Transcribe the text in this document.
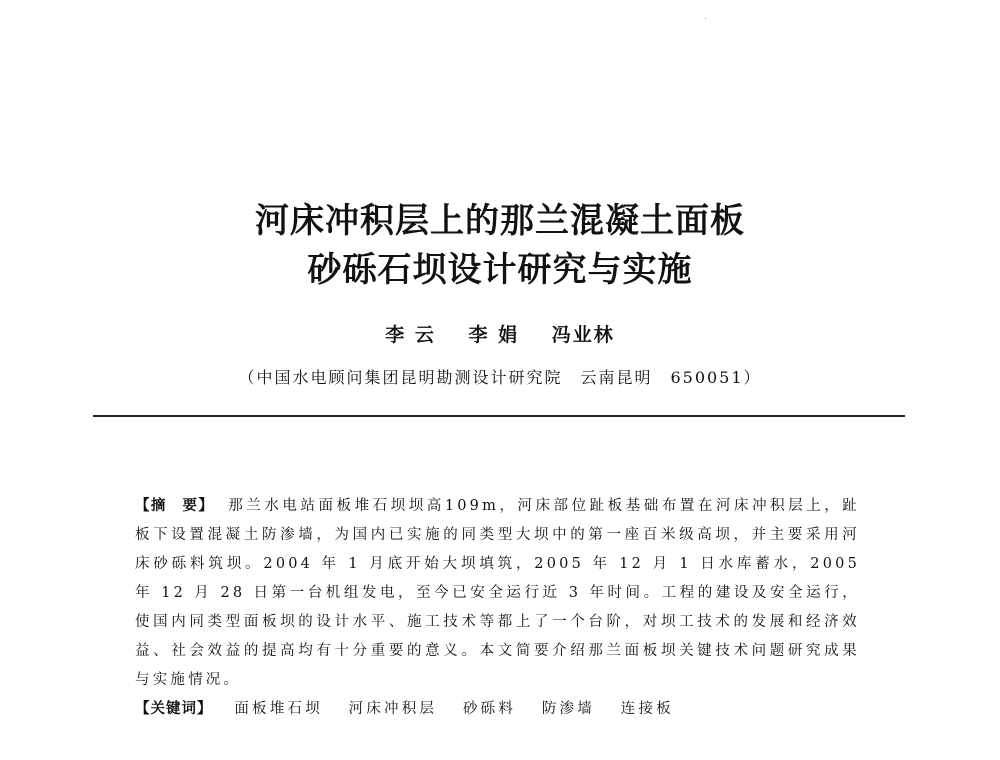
河床冲积层上的那兰混凝土面板
砂砾石坝设计研究与实施
李 云 李 娟 冯业林
（中国水电顾问集团昆明勘测设计研究院　云南昆明　650051）
【摘　要】 那兰水电站面板堆石坝坝高109m，河床部位趾板基础布置在河床冲积层上，趾板下设置混凝土防渗墙，为国内已实施的同类型大坝中的第一座百米级高坝，并主要采用河床砂砾料筑坝。2004 年 1 月底开始大坝填筑，2005 年 12 月 1 日水库蓄水，2005 年 12 月 28 日第一台机组发电，至今已安全运行近 3 年时间。工程的建设及安全运行，使国内同类型面板坝的设计水平、施工技术等都上了一个台阶，对坝工技术的发展和经济效益、社会效益的提高均有十分重要的意义。本文简要介绍那兰面板坝关键技术问题研究成果与实施情况。
【关键词】 面板堆石坝 河床冲积层 砂砾料 防渗墙 连接板
